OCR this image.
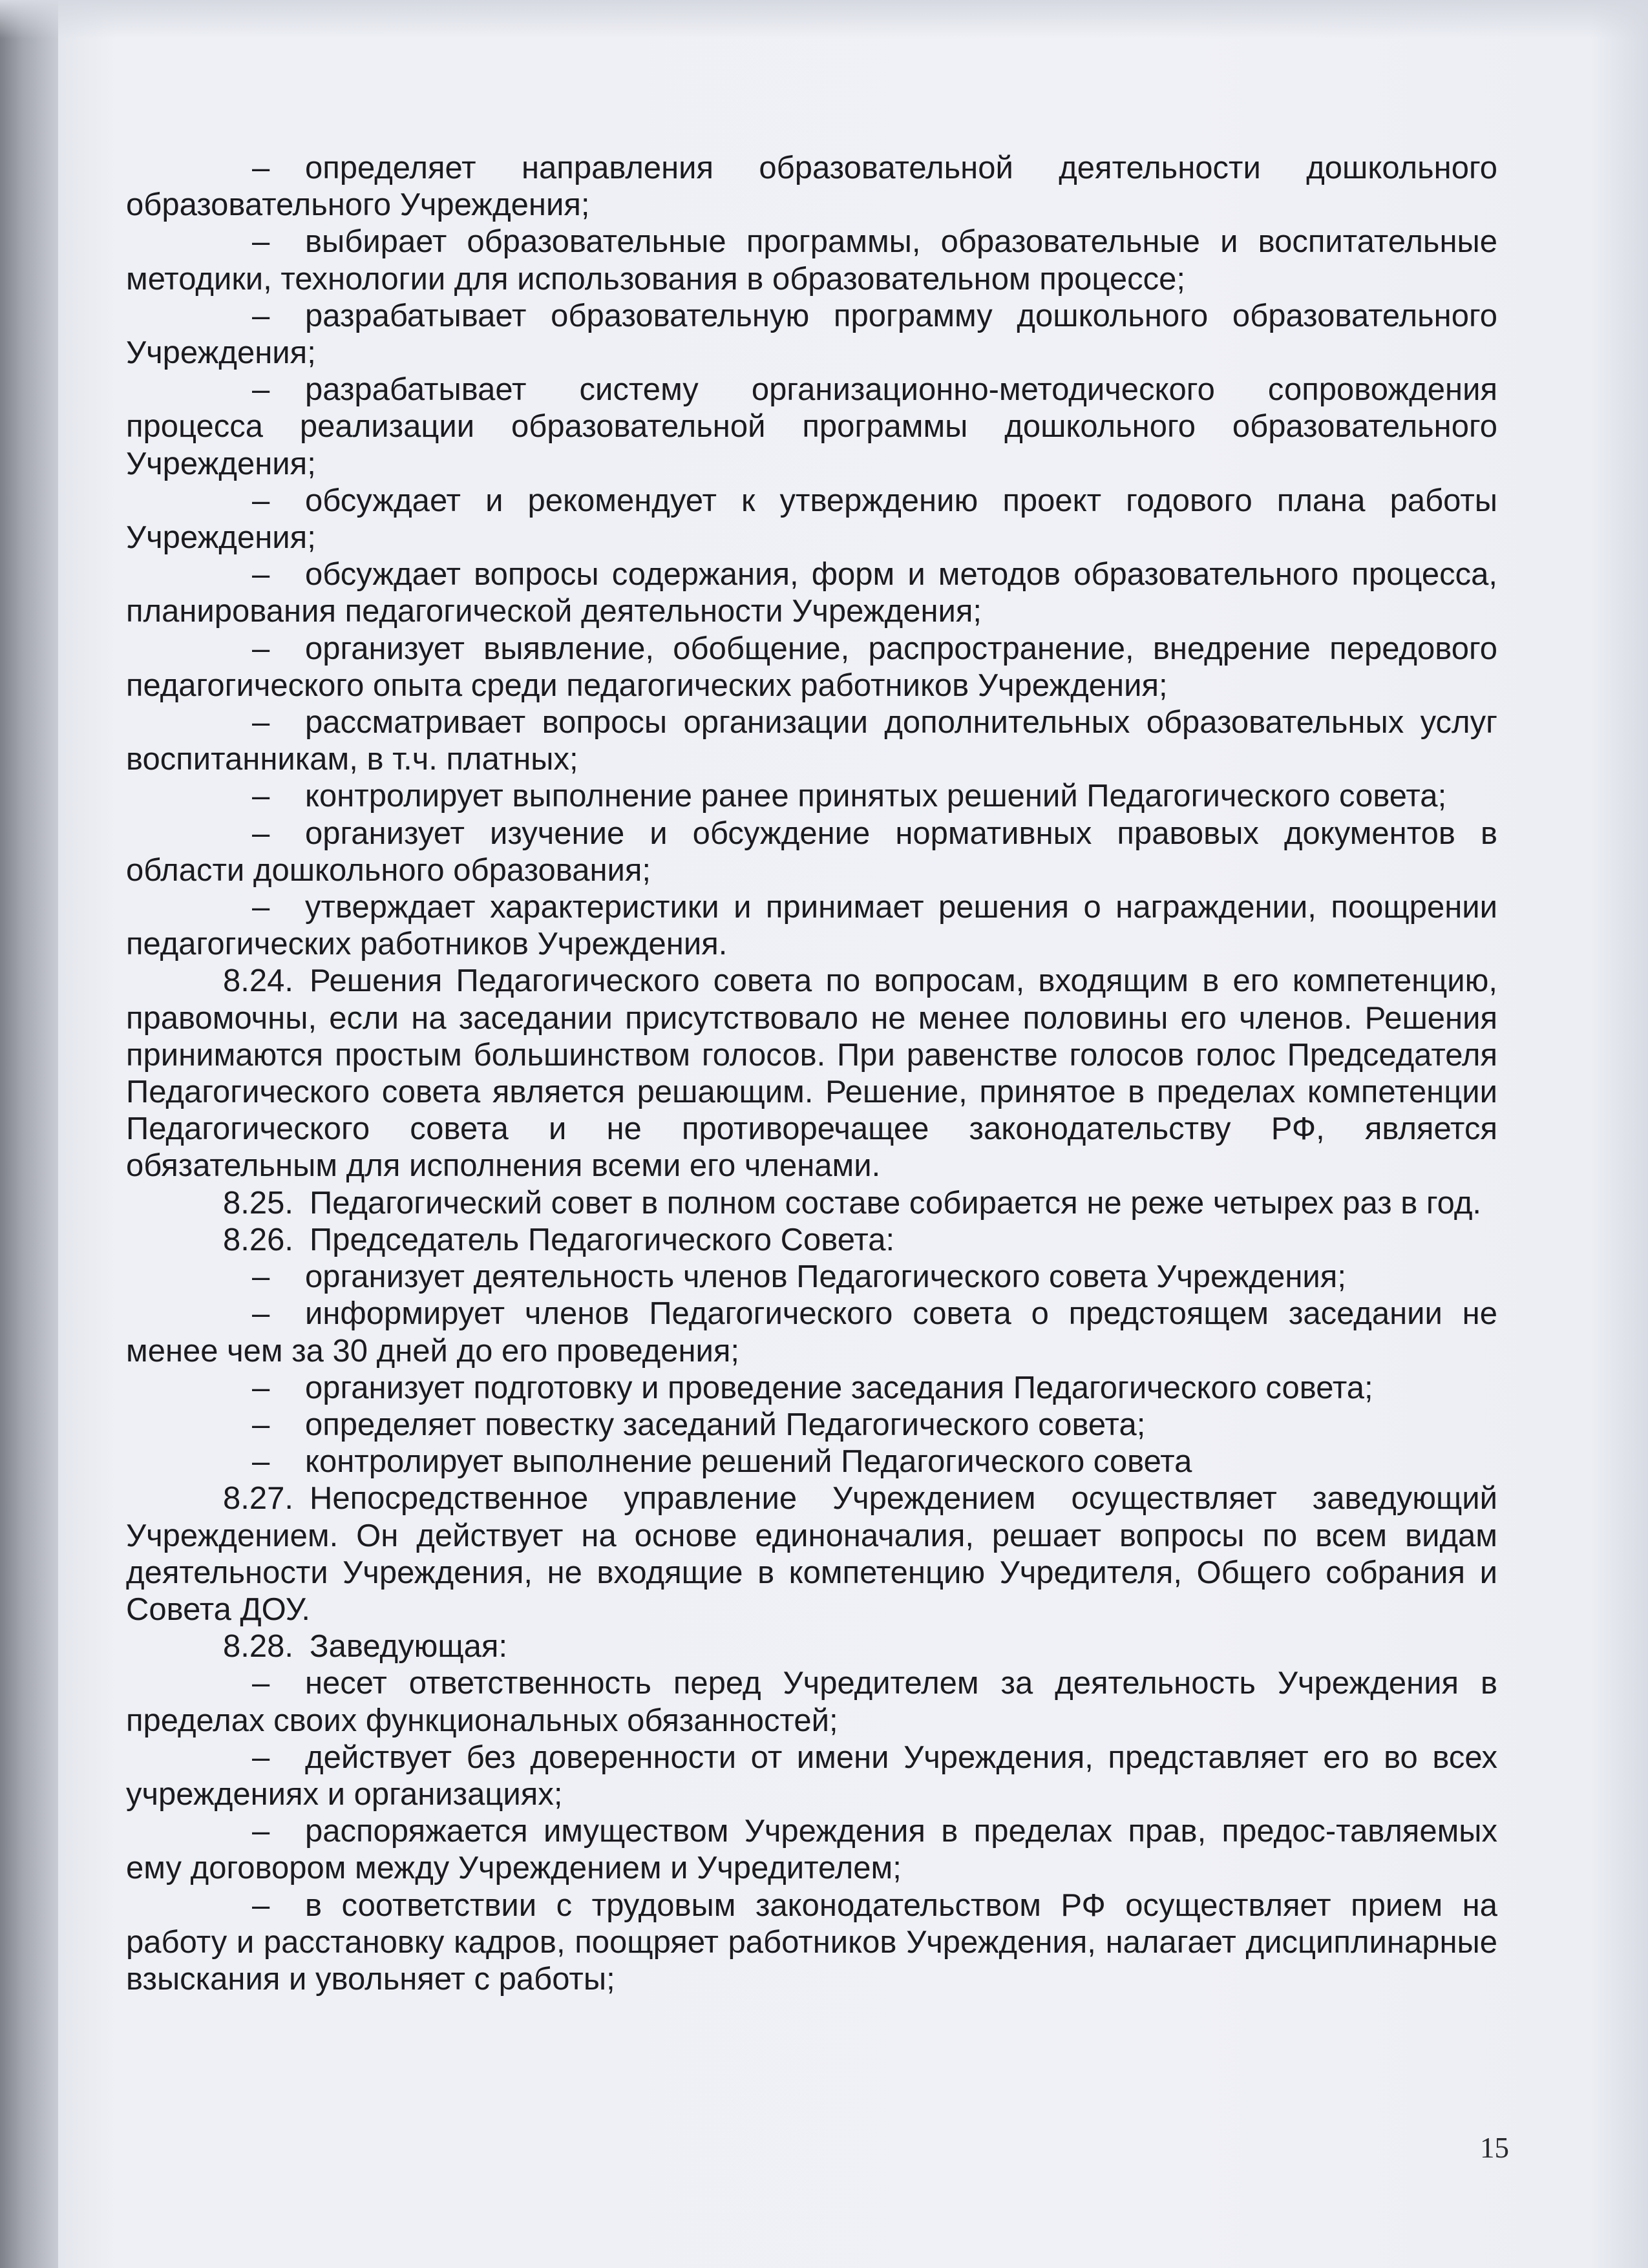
– определяет направления образовательной деятельности дошкольного образовательного Учреждения;

– выбирает образовательные программы, образовательные и воспитательные методики, технологии для использования в образовательном процессе;

– разрабатывает образовательную программу дошкольного образовательного Учреждения;

– разрабатывает систему организационно-методического сопровождения процесса реализации образовательной программы дошкольного образовательного Учреждения;

– обсуждает и рекомендует к утверждению проект годового плана работы Учреждения;

– обсуждает вопросы содержания, форм и методов образовательного процесса, планирования педагогической деятельности Учреждения;

– организует выявление, обобщение, распространение, внедрение передового педагогического опыта среди педагогических работников Учреждения;

– рассматривает вопросы организации дополнительных образовательных услуг воспитанникам, в т.ч. платных;

– контролирует выполнение ранее принятых решений Педагогического совета;

– организует изучение и обсуждение нормативных правовых документов в области дошкольного образования;

– утверждает характеристики и принимает решения о награждении, поощрении педагогических работников Учреждения.

8.24. Решения Педагогического совета по вопросам, входящим в его компетенцию, правомочны, если на заседании присутствовало не менее половины его членов. Решения принимаются простым большинством голосов. При равенстве голосов голос Председателя Педагогического совета является решающим. Решение, принятое в пределах компетенции Педагогического совета и не противоречащее законодательству РФ, является обязательным для исполнения всеми его членами.

8.25. Педагогический совет в полном составе собирается не реже четырех раз в год.

8.26. Председатель Педагогического Совета:

– организует деятельность членов Педагогического совета Учреждения;

– информирует членов Педагогического совета о предстоящем заседании не менее чем за 30 дней до его проведения;

– организует подготовку и проведение заседания Педагогического совета;

– определяет повестку заседаний Педагогического совета;

– контролирует выполнение решений Педагогического совета

8.27. Непосредственное управление Учреждением осуществляет заведующий Учреждением. Он действует на основе единоначалия, решает вопросы по всем видам деятельности Учреждения, не входящие в компетенцию Учредителя, Общего собрания и Совета ДОУ.

8.28. Заведующая:

– несет ответственность перед Учредителем за деятельность Учреждения в пределах своих функциональных обязанностей;

– действует без доверенности от имени Учреждения, представляет его во всех учреждениях и организациях;

– распоряжается имуществом Учреждения в пределах прав, предос-тавляемых ему договором между Учреждением и Учредителем;

– в соответствии с трудовым законодательством РФ осуществляет прием на работу и расстановку кадров, поощряет работников Учреждения, налагает дисциплинарные взыскания и увольняет с работы;

15
